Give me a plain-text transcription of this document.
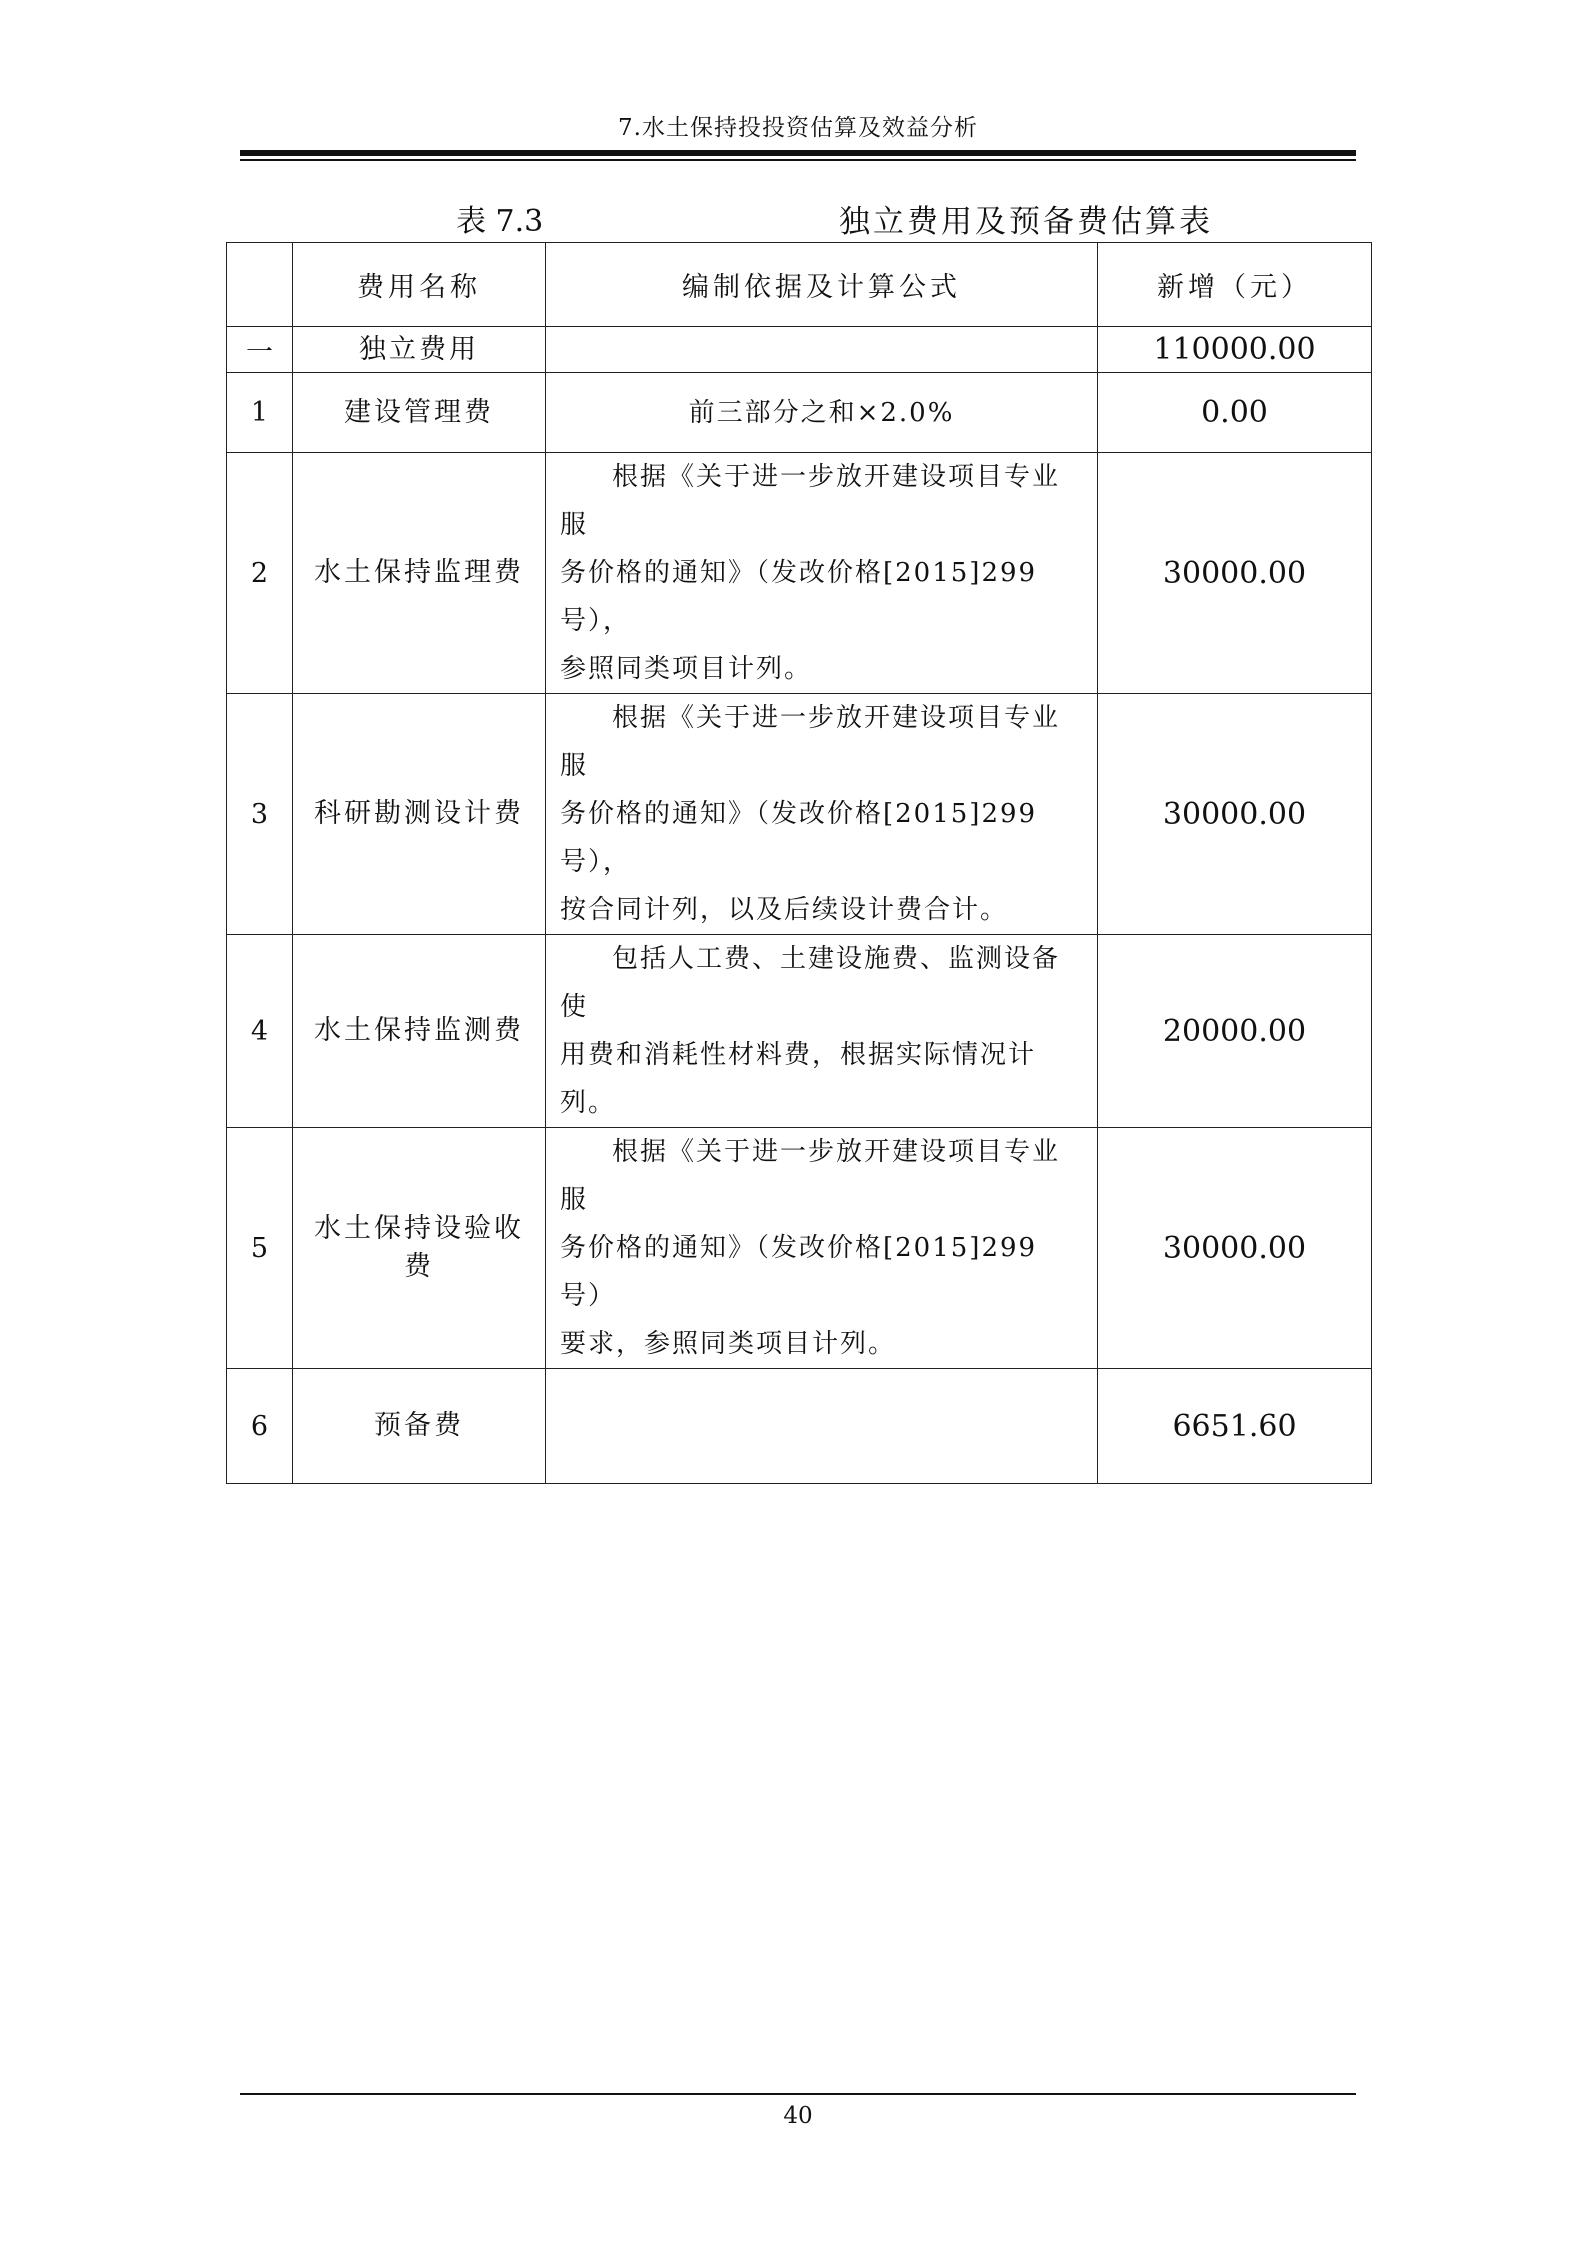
7.水土保持投投资估算及效益分析
表 7.3	独立费用及预备费估算表
	费用名称	编制依据及计算公式	新增（元）
一	独立费用		110000.00
1	建设管理费	前三部分之和×2.0%	0.00
2	水土保持监理费	根据《关于进一步放开建设项目专业服

务价格的通知》（发改价格[2015]299 号），

参照同类项目计列。	30000.00
3	科研勘测设计费	根据《关于进一步放开建设项目专业服

务价格的通知》（发改价格[2015]299 号），

按合同计列，以及后续设计费合计。	30000.00
4	水土保持监测费	包括人工费、土建设施费、监测设备使

用费和消耗性材料费，根据实际情况计列。	20000.00
5	水土保持设验收费	根据《关于进一步放开建设项目专业服

务价格的通知》（发改价格[2015]299 号）

要求，参照同类项目计列。	30000.00
6	预备费		6651.60
40
